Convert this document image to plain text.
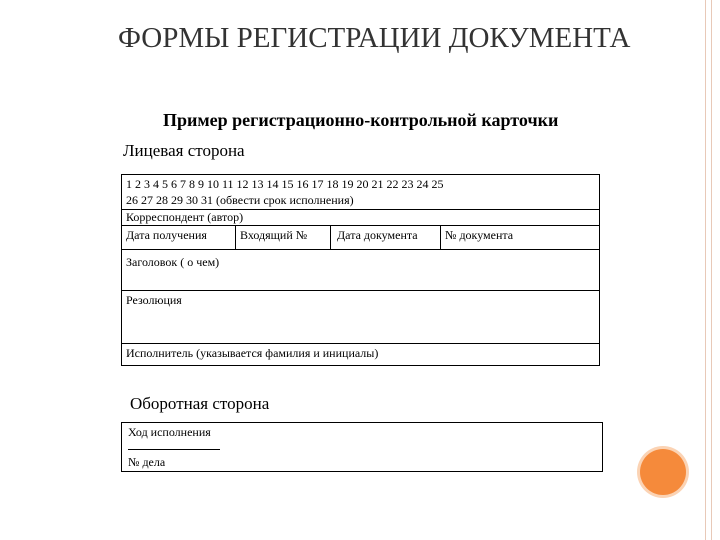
ФОРМЫ РЕГИСТРАЦИИ ДОКУМЕНТА
Пример регистрационно-контрольной карточки
Лицевая сторона
1 2 3 4 5 6 7 8 9 10 11 12 13 14 15 16 17 18 19 20 21 22 23 24 25
26 27 28 29 30 31 (обвести срок исполнения)
Корреспондент (автор)
Дата получения	Входящий № Дата документа № документа
Заголовок ( о чем)
Резолюция
Исполнитель (указывается фамилия и инициалы)
Оборотная сторона
Ход исполнения
№ дела
